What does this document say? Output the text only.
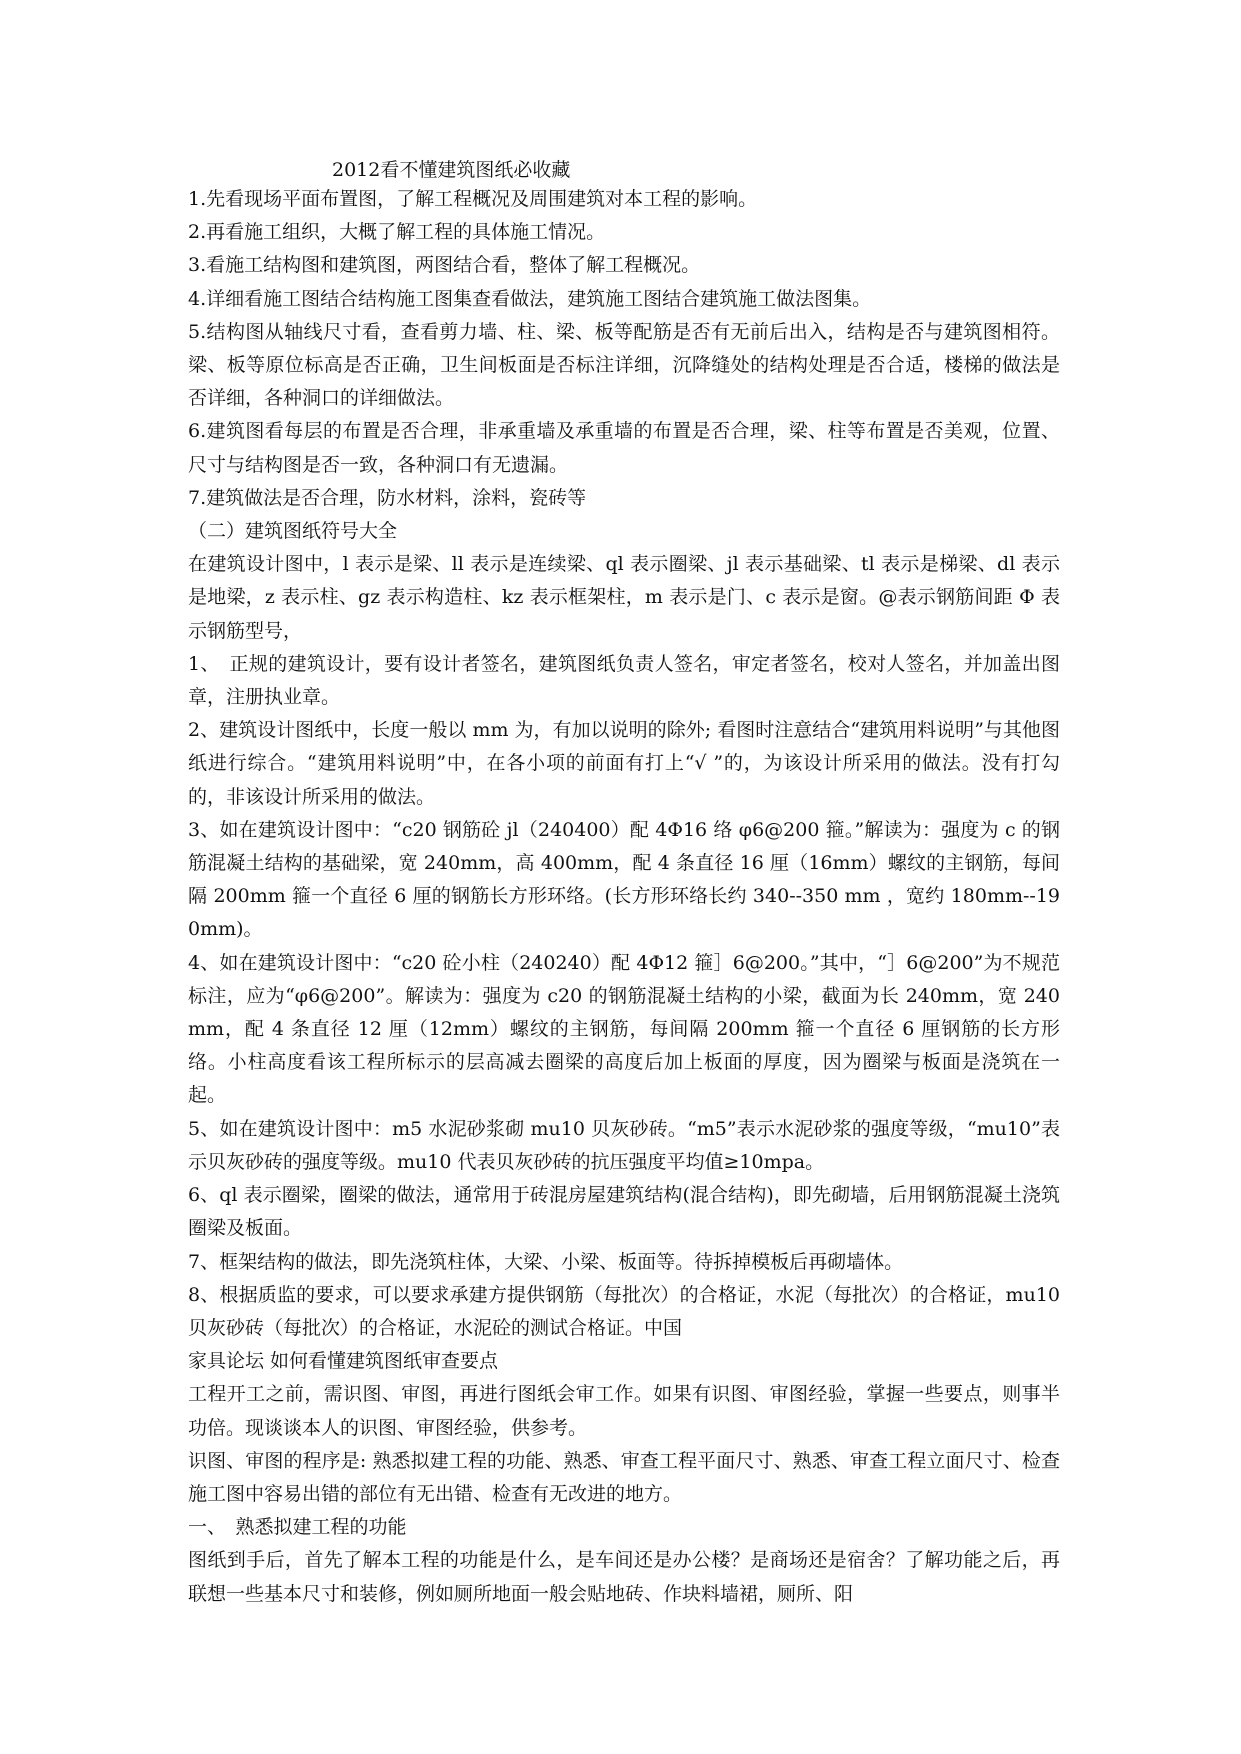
2012看不懂建筑图纸必收藏

1.先看现场平面布置图，了解工程概况及周围建筑对本工程的影响。

2.再看施工组织，大概了解工程的具体施工情况。

3.看施工结构图和建筑图，两图结合看，整体了解工程概况。

4.详细看施工图结合结构施工图集查看做法，建筑施工图结合建筑施工做法图集。

5.结构图从轴线尺寸看，查看剪力墙、柱、梁、板等配筋是否有无前后出入，结构是否与建筑图相符。梁、板等原位标高是否正确，卫生间板面是否标注详细，沉降缝处的结构处理是否合适，楼梯的做法是否详细，各种洞口的详细做法。

6.建筑图看每层的布置是否合理，非承重墙及承重墙的布置是否合理，梁、柱等布置是否美观，位置、尺寸与结构图是否一致，各种洞口有无遗漏。

7.建筑做法是否合理，防水材料，涂料，瓷砖等

（二）建筑图纸符号大全

在建筑设计图中，l 表示是梁、ll 表示是连续梁、ql 表示圈梁、jl 表示基础梁、tl 表示是梯梁、dl 表示是地梁，z 表示柱、gz 表示构造柱、kz 表示框架柱，m 表示是门、c 表示是窗。@表示钢筋间距 Φ 表示钢筋型号，

1、　正规的建筑设计，要有设计者签名，建筑图纸负责人签名，审定者签名，校对人签名，并加盖出图章，注册执业章。

2、建筑设计图纸中，长度一般以 mm 为，有加以说明的除外; 看图时注意结合“建筑用料说明”与其他图纸进行综合。“建筑用料说明”中，在各小项的前面有打上“√ ”的，为该设计所采用的做法。没有打勾的，非该设计所采用的做法。

3、如在建筑设计图中：“c20 钢筋砼 jl（240400）配 4Φ16 络 φ6@200 箍。”解读为：强度为 c 的钢筋混凝土结构的基础梁，宽 240mm，高 400mm，配 4 条直径 16 厘（16mm）螺纹的主钢筋，每间隔 200mm 箍一个直径 6 厘的钢筋长方形环络。(长方形环络长约 340--350 mm ，宽约 180mm--190mm)。

4、如在建筑设计图中：“c20 砼小柱（240240）配 4Φ12 箍］6@200。”其中，“］6@200”为不规范标注，应为“φ6@200”。解读为：强度为 c20 的钢筋混凝土结构的小梁，截面为长 240mm，宽 240mm，配 4 条直径 12 厘（12mm）螺纹的主钢筋，每间隔 200mm 箍一个直径 6 厘钢筋的长方形络。小柱高度看该工程所标示的层高减去圈梁的高度后加上板面的厚度，因为圈梁与板面是浇筑在一起。

5、如在建筑设计图中：m5 水泥砂浆砌 mu10 贝灰砂砖。“m5”表示水泥砂浆的强度等级，“mu10”表示贝灰砂砖的强度等级。mu10 代表贝灰砂砖的抗压强度平均值≥10mpa。

6、ql 表示圈梁，圈梁的做法，通常用于砖混房屋建筑结构(混合结构)，即先砌墙，后用钢筋混凝土浇筑圈梁及板面。

7、框架结构的做法，即先浇筑柱体，大梁、小梁、板面等。待拆掉模板后再砌墙体。

8、根据质监的要求，可以要求承建方提供钢筋（每批次）的合格证，水泥（每批次）的合格证，mu10 贝灰砂砖（每批次）的合格证，水泥砼的测试合格证。中国

家具论坛 如何看懂建筑图纸审查要点

工程开工之前，需识图、审图，再进行图纸会审工作。如果有识图、审图经验，掌握一些要点，则事半功倍。现谈谈本人的识图、审图经验，供参考。

识图、审图的程序是: 熟悉拟建工程的功能、熟悉、审查工程平面尺寸、熟悉、审查工程立面尺寸、检查施工图中容易出错的部位有无出错、检查有无改进的地方。

一、　熟悉拟建工程的功能

图纸到手后，首先了解本工程的功能是什么，是车间还是办公楼？是商场还是宿舍？了解功能之后，再联想一些基本尺寸和装修，例如厕所地面一般会贴地砖、作块料墙裙，厕所、阳
